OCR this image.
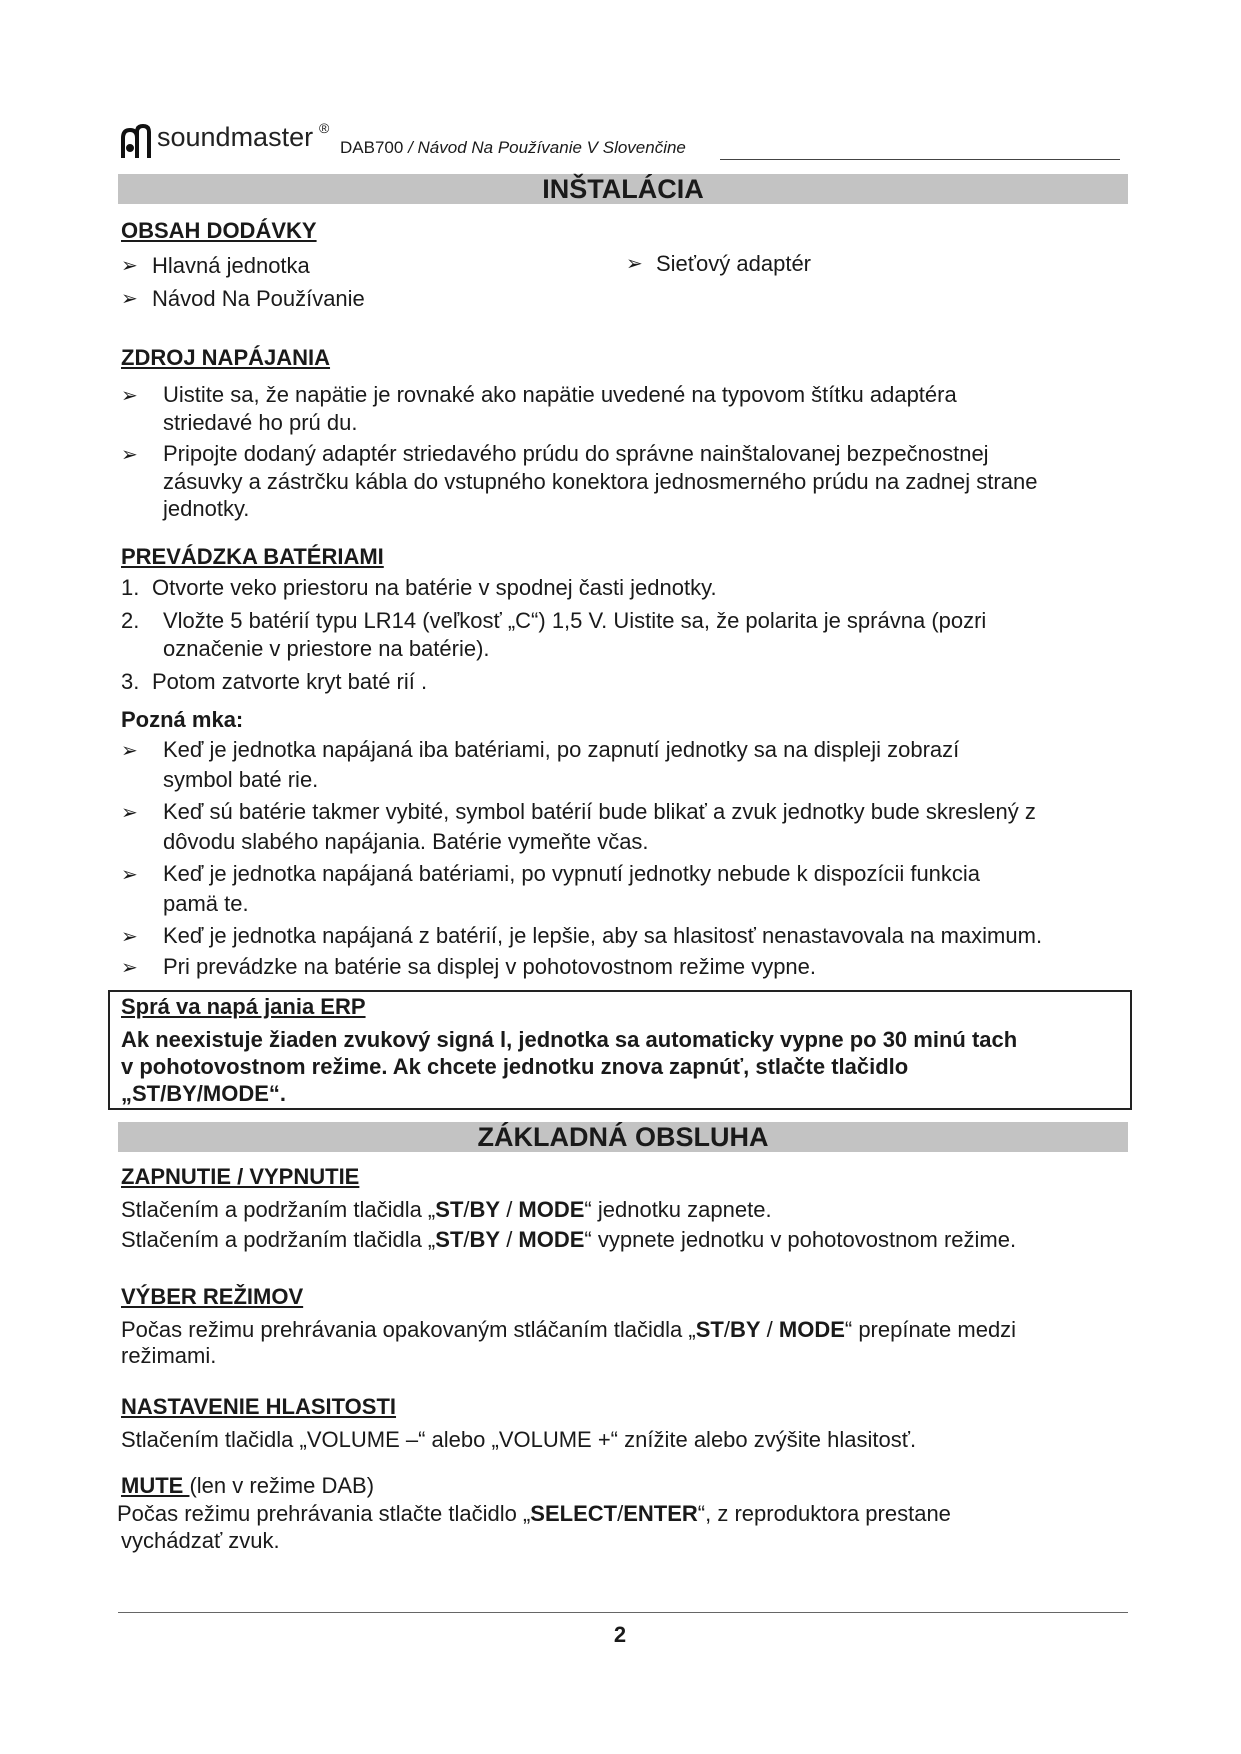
soundmaster ®
DAB700 / Návod Na Používanie V Slovenčine
INŠTALÁCIA
OBSAH DODÁVKY
➢ Hlavná jednotka
➢ Návod Na Používanie
➢ Sieťový adaptér
ZDROJ NAPÁJANIA
➢ Uistite sa, že napätie je rovnaké ako napätie uvedené na typovom štítku adaptéra
striedavé ho prú du.
➢ Pripojte dodaný adaptér striedavého prúdu do správne nainštalovanej bezpečnostnej
zásuvky a zástrčku kábla do vstupného konektora jednosmerného prúdu na zadnej strane
jednotky.
PREVÁDZKA BATÉRIAMI
1. Otvorte veko priestoru na batérie v spodnej časti jednotky.
2. Vložte 5 batérií typu LR14 (veľkosť „C“) 1,5 V. Uistite sa, že polarita je správna (pozri
označenie v priestore na batérie).
3. Potom zatvorte kryt baté rií .
Pozná mka:
➢ Keď je jednotka napájaná iba batériami, po zapnutí jednotky sa na displeji zobrazí
symbol baté rie.
➢ Keď sú batérie takmer vybité, symbol batérií bude blikať a zvuk jednotky bude skreslený z
dôvodu slabého napájania. Batérie vymeňte včas.
➢ Keď je jednotka napájaná batériami, po vypnutí jednotky nebude k dispozícii funkcia
pamä te.
➢ Keď je jednotka napájaná z batérií, je lepšie, aby sa hlasitosť nenastavovala na maximum.
➢ Pri prevádzke na batérie sa displej v pohotovostnom režime vypne.
Sprá va napá jania ERP
Ak neexistuje žiaden zvukový signá l, jednotka sa automaticky vypne po 30 minú tach
v pohotovostnom režime. Ak chcete jednotku znova zapnúť, stlačte tlačidlo
„ST/BY/MODE“.
ZÁKLADNÁ OBSLUHA
ZAPNUTIE / VYPNUTIE
Stlačením a podržaním tlačidla „ST/BY / MODE“ jednotku zapnete.
Stlačením a podržaním tlačidla „ST/BY / MODE“ vypnete jednotku v pohotovostnom režime.
VÝBER REŽIMOV
Počas režimu prehrávania opakovaným stláčaním tlačidla „ST/BY / MODE“ prepínate medzi
režimami.
NASTAVENIE HLASITOSTI
Stlačením tlačidla „VOLUME –“ alebo „VOLUME +“ znížite alebo zvýšite hlasitosť.
MUTE (len v režime DAB)
Počas režimu prehrávania stlačte tlačidlo „SELECT/ENTER“, z reproduktora prestane
vychádzať zvuk.
2
